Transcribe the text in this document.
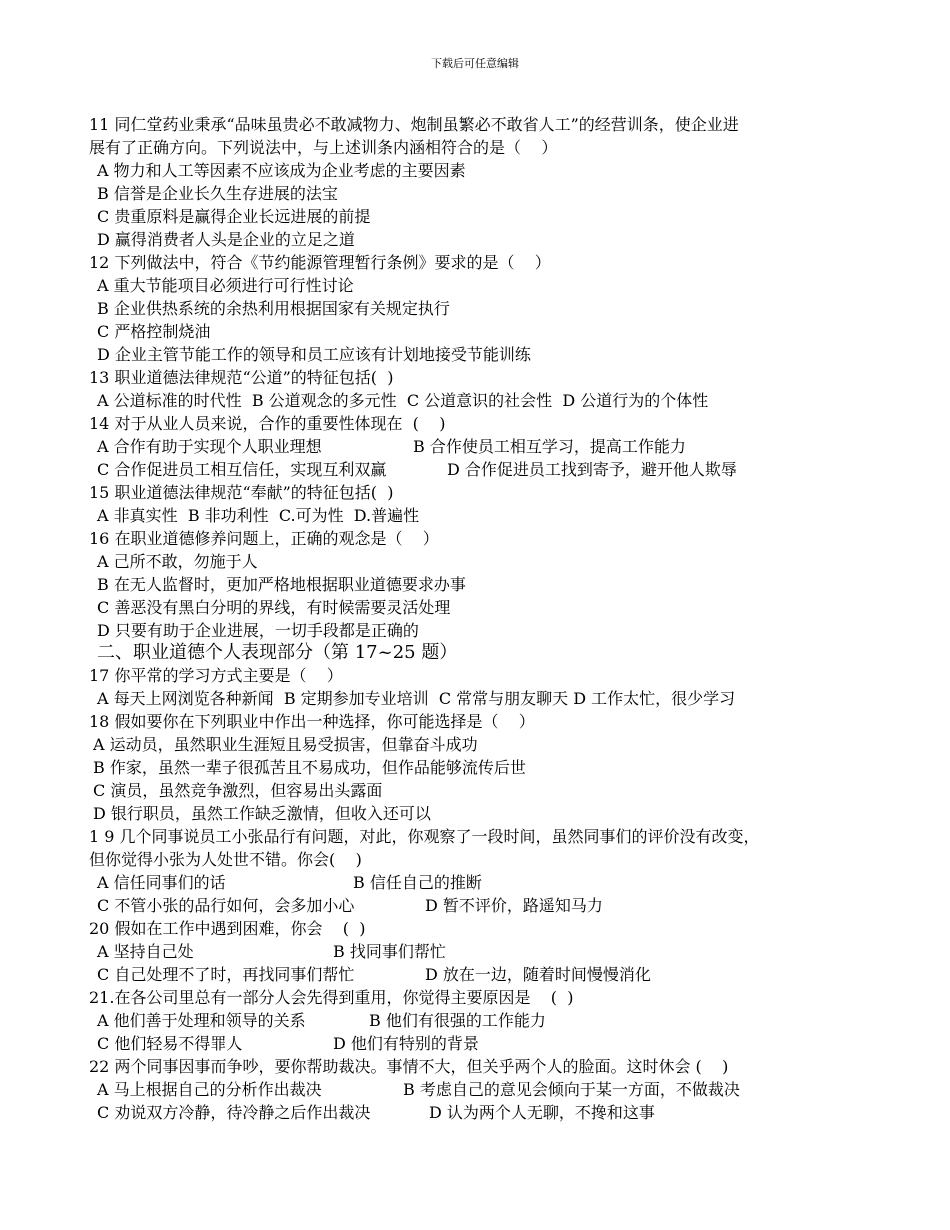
下载后可任意编辑
11 同仁堂药业秉承“品味虽贵必不敢减物力、炮制虽繁必不敢省人工”的经营训条，使企业进
展有了正确方向。下列说法中，与上述训条内涵相符合的是（    ）
A 物力和人工等因素不应该成为企业考虑的主要因素
B 信誉是企业长久生存进展的法宝
C 贵重原料是赢得企业长远进展的前提
D 赢得消费者人头是企业的立足之道
12 下列做法中，符合《节约能源管理暂行条例》要求的是（    ）
A 重大节能项目必须进行可行性讨论
B 企业供热系统的余热利用根据国家有关规定执行
C 严格控制烧油
D 企业主管节能工作的领导和员工应该有计划地接受节能训练
13 职业道德法律规范“公道”的特征包括(  )
A 公道标准的时代性  B 公道观念的多元性  C 公道意识的社会性  D 公道行为的个体性
14 对于从业人员来说，合作的重要性体现在  (    )
A 合作有助于实现个人职业理想	B 合作使员工相互学习，提高工作能力
C 合作促进员工相互信任，实现互利双赢	D 合作促进员工找到寄予，避开他人欺辱
15 职业道德法律规范“奉献”的特征包括(  )
A 非真实性  B 非功利性  C.可为性  D.普遍性
16 在职业道德修养问题上，正确的观念是（    ）
A 己所不敢，勿施于人
B 在无人监督时，更加严格地根据职业道德要求办事
C 善恶没有黑白分明的界线，有时候需要灵活处理
D 只要有助于企业进展，一切手段都是正确的
二、职业道德个人表现部分（第 17~25 题）
17 你平常的学习方式主要是（    ）
A 每天上网浏览各种新闻  B 定期参加专业培训  C 常常与朋友聊天 D 工作太忙，很少学习
18 假如要你在下列职业中作出一种选择，你可能选择是（    ）
A 运动员，虽然职业生涯短且易受损害，但靠奋斗成功
B 作家，虽然一辈子很孤苦且不易成功，但作品能够流传后世
C 演员，虽然竞争激烈，但容易出头露面
D 银行职员，虽然工作缺乏激情，但收入还可以
1 9 几个同事说员工小张品行有问题，对此，你观察了一段时间，虽然同事们的评价没有改变，
但你觉得小张为人处世不错。你会(    )
A 信任同事们的话	B 信任自己的推断
C 不管小张的品行如何，会多加小心	D 暂不评价，路遥知马力
20 假如在工作中遇到困难，你会    (  )
A 坚持自己处	B 找同事们帮忙
C 自己处理不了时，再找同事们帮忙	D 放在一边，随着时间慢慢消化
21.在各公司里总有一部分人会先得到重用，你觉得主要原因是    (  )
A 他们善于处理和领导的关系	B 他们有很强的工作能力
C 他们轻易不得罪人	D 他们有特别的背景
22 两个同事因事而争吵，要你帮助裁决。事情不大，但关乎两个人的脸面。这时休会 (    )
A 马上根据自己的分析作出裁决	B 考虑自己的意见会倾向于某一方面，不做裁决
C 劝说双方冷静，待冷静之后作出裁决	D 认为两个人无聊，不搀和这事
